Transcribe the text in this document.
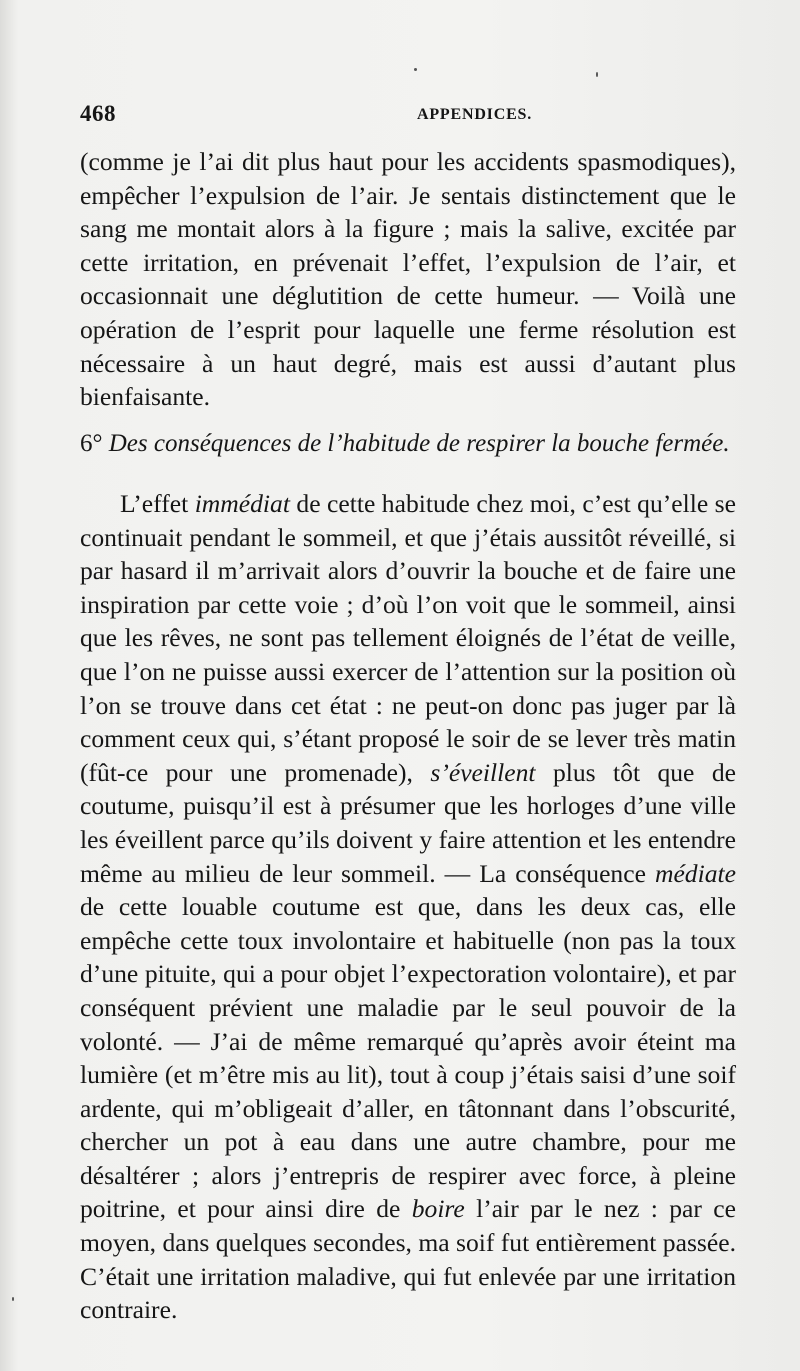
468	APPENDICES.

(comme je l’ai dit plus haut pour les accidents spasmodiques), empêcher l’expulsion de l’air. Je sentais distinctement que le sang me montait alors à la figure ; mais la salive, excitée par cette irritation, en prévenait l’effet, l’expulsion de l’air, et occasionnait une déglutition de cette humeur. — Voilà une opération de l’esprit pour laquelle une ferme résolution est nécessaire à un haut degré, mais est aussi d’autant plus bienfaisante.

6° Des conséquences de l’habitude de respirer la bouche fermée.

L’effet immédiat de cette habitude chez moi, c’est qu’elle se continuait pendant le sommeil, et que j’étais aussitôt réveillé, si par hasard il m’arrivait alors d’ouvrir la bouche et de faire une inspiration par cette voie ; d’où l’on voit que le sommeil, ainsi que les rêves, ne sont pas tellement éloignés de l’état de veille, que l’on ne puisse aussi exercer de l’attention sur la position où l’on se trouve dans cet état : ne peut-on donc pas juger par là comment ceux qui, s’étant proposé le soir de se lever très matin (fût-ce pour une promenade), s’éveillent plus tôt que de coutume, puisqu’il est à présumer que les horloges d’une ville les éveillent parce qu’ils doivent y faire attention et les entendre même au milieu de leur sommeil. — La conséquence médiate de cette louable coutume est que, dans les deux cas, elle empêche cette toux involontaire et habituelle (non pas la toux d’une pituite, qui a pour objet l’expectoration volontaire), et par conséquent prévient une maladie par le seul pouvoir de la volonté. — J’ai de même remarqué qu’après avoir éteint ma lumière (et m’être mis au lit), tout à coup j’étais saisi d’une soif ardente, qui m’obligeait d’aller, en tâtonnant dans l’obscurité, chercher un pot à eau dans une autre chambre, pour me désaltérer ; alors j’entrepris de respirer avec force, à pleine poitrine, et pour ainsi dire de boire l’air par le nez : par ce moyen, dans quelques secondes, ma soif fut entièrement passée. C’était une irritation maladive, qui fut enlevée par une irritation contraire.
